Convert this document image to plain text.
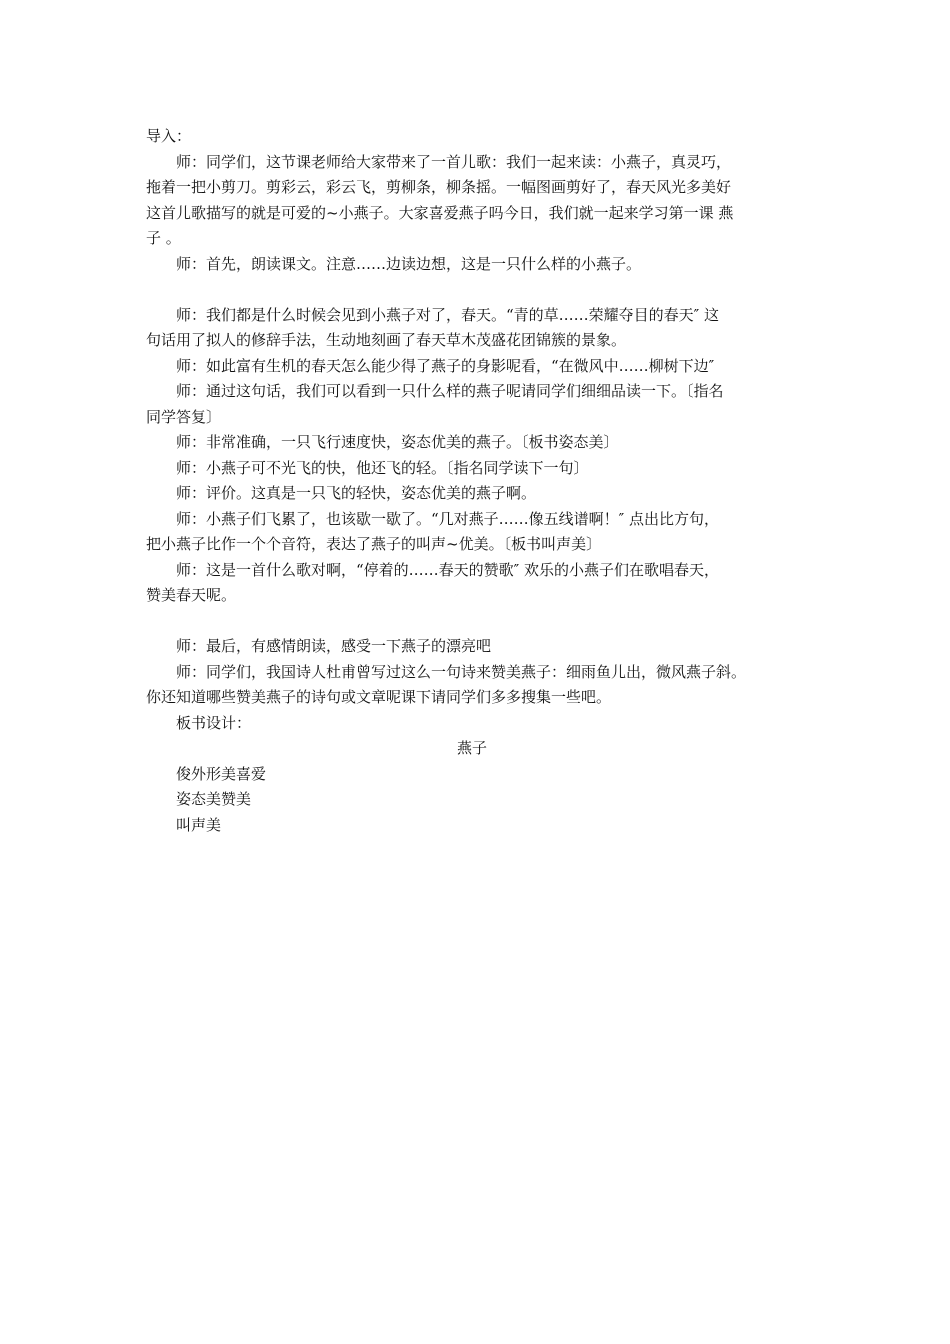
导入：
师：同学们，这节课老师给大家带来了一首儿歌：我们一起来读：小燕子，真灵巧，
拖着一把小剪刀。剪彩云，彩云飞，剪柳条，柳条摇。一幅图画剪好了，春天风光多美好
这首儿歌描写的就是可爱的~小燕子。大家喜爱燕子吗今日，我们就一起来学习第一课 燕
子 。
师：首先，朗读课文。注意……边读边想，这是一只什么样的小燕子。
师：我们都是什么时候会见到小燕子对了，春天。“青的草……荣耀夺目的春天″ 这
句话用了拟人的修辞手法，生动地刻画了春天草木茂盛花团锦簇的景象。
师：如此富有生机的春天怎么能少得了燕子的身影呢看，“在微风中……柳树下边″
师：通过这句话，我们可以看到一只什么样的燕子呢请同学们细细品读一下。〔指名
同学答复〕
师：非常准确，一只飞行速度快，姿态优美的燕子。〔板书姿态美〕
师：小燕子可不光飞的快，他还飞的轻。〔指名同学读下一句〕
师：评价。这真是一只飞的轻快，姿态优美的燕子啊。
师：小燕子们飞累了，也该歇一歇了。“几对燕子……像五线谱啊！″ 点出比方句，
把小燕子比作一个个音符，表达了燕子的叫声~优美。〔板书叫声美〕
师：这是一首什么歌对啊，“停着的……春天的赞歌″ 欢乐的小燕子们在歌唱春天，
赞美春天呢。
师：最后，有感情朗读，感受一下燕子的漂亮吧
师：同学们，我国诗人杜甫曾写过这么一句诗来赞美燕子：细雨鱼儿出，微风燕子斜。
你还知道哪些赞美燕子的诗句或文章呢课下请同学们多多搜集一些吧。
板书设计：
燕子
俊外形美喜爱
姿态美赞美
叫声美
